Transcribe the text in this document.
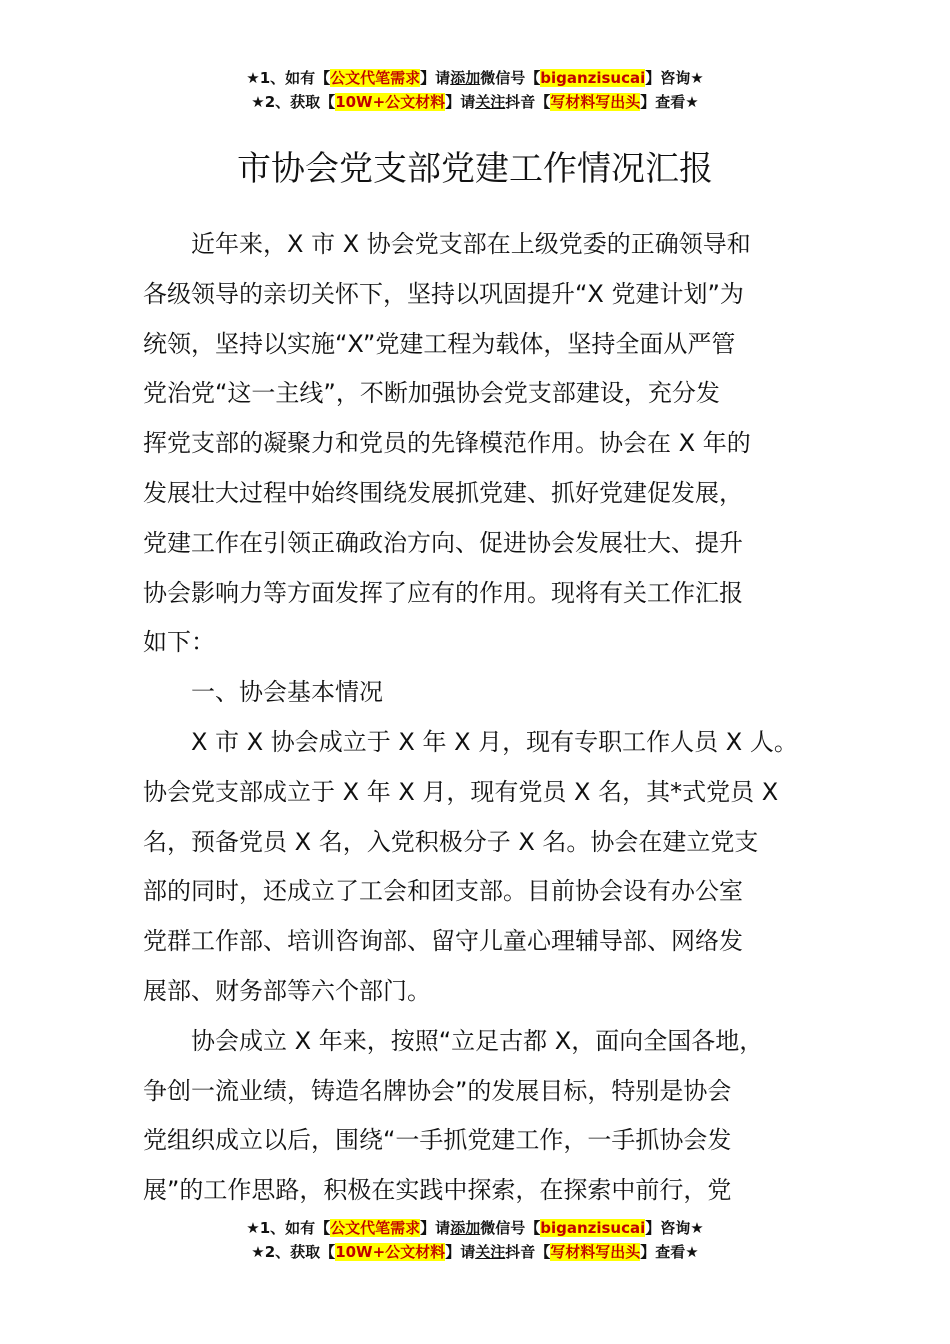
★1、如有【公文代笔需求】请添加微信号【biganzisucai】咨询★
★2、获取【10W+公文材料】请关注抖音【写材料写出头】查看★
市协会党支部党建工作情况汇报
　　近年来，X 市 X 协会党支部在上级党委的正确领导和
各级领导的亲切关怀下，坚持以巩固提升“X 党建计划”为
统领，坚持以实施“X”党建工程为载体，坚持全面从严管
党治党“这一主线”，不断加强协会党支部建设，充分发
挥党支部的凝聚力和党员的先锋模范作用。协会在 X 年的
发展壮大过程中始终围绕发展抓党建、抓好党建促发展，
党建工作在引领正确政治方向、促进协会发展壮大、提升
协会影响力等方面发挥了应有的作用。现将有关工作汇报
如下：
　　一、协会基本情况
　　X 市 X 协会成立于 X 年 X 月，现有专职工作人员 X 人。
协会党支部成立于 X 年 X 月，现有党员 X 名，其*式党员 X
名，预备党员 X 名，入党积极分子 X 名。协会在建立党支
部的同时，还成立了工会和团支部。目前协会设有办公室
党群工作部、培训咨询部、留守儿童心理辅导部、网络发
展部、财务部等六个部门。
　　协会成立 X 年来，按照“立足古都 X，面向全国各地，
争创一流业绩，铸造名牌协会”的发展目标，特别是协会
党组织成立以后，围绕“一手抓党建工作，一手抓协会发
展”的工作思路，积极在实践中探索，在探索中前行，党
★1、如有【公文代笔需求】请添加微信号【biganzisucai】咨询★
★2、获取【10W+公文材料】请关注抖音【写材料写出头】查看★
